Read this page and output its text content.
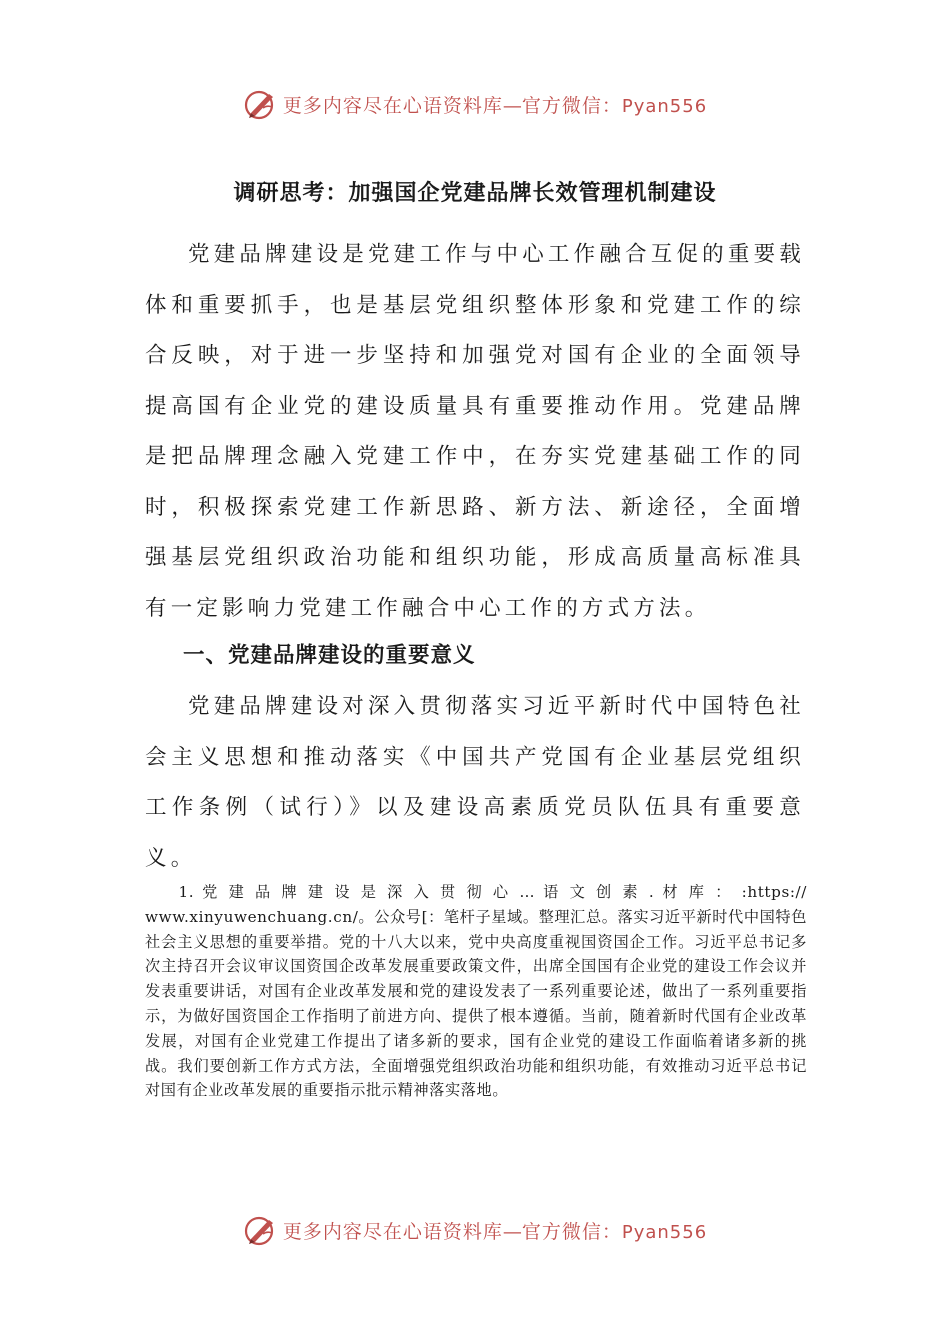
更多内容尽在心语资料库—官方微信：Pyan556
调研思考：加强国企党建品牌长效管理机制建设

党建品牌建设是党建工作与中心工作融合互促的重要载体和重要抓手，也是基层党组织整体形象和党建工作的综合反映，对于进一步坚持和加强党对国有企业的全面领导提高国有企业党的建设质量具有重要推动作用。党建品牌是把品牌理念融入党建工作中，在夯实党建基础工作的同时，积极探索党建工作新思路、新方法、新途径，全面增强基层党组织政治功能和组织功能，形成高质量高标准具有一定影响力党建工作融合中心工作的方式方法。

一、党建品牌建设的重要意义

党建品牌建设对深入贯彻落实习近平新时代中国特色社会主义思想和推动落实《中国共产党国有企业基层党组织工作条例（试行）》以及建设高素质党员队伍具有重要意义。

1. 党 建 品 牌 建 设 是 深 入 贯 彻 心 … 语 文 创 素 . 材 库 ： :https:// www.xinyuwenchuang.cn/。公众号[：笔杆子星域。整理汇总。落实习近平新时代中国特色社会主义思想的重要举措。党的十八大以来，党中央高度重视国资国企工作。习近平总书记多次主持召开会议审议国资国企改革发展重要政策文件，出席全国国有企业党的建设工作会议并发表重要讲话，对国有企业改革发展和党的建设发表了一系列重要论述，做出了一系列重要指示，为做好国资国企工作指明了前进方向、提供了根本遵循。当前，随着新时代国有企业改革发展，对国有企业党建工作提出了诸多新的要求，国有企业党的建设工作面临着诸多新的挑战。我们要创新工作方式方法，全面增强党组织政治功能和组织功能，有效推动习近平总书记对国有企业改革发展的重要指示批示精神落实落地。

更多内容尽在心语资料库—官方微信：Pyan556
